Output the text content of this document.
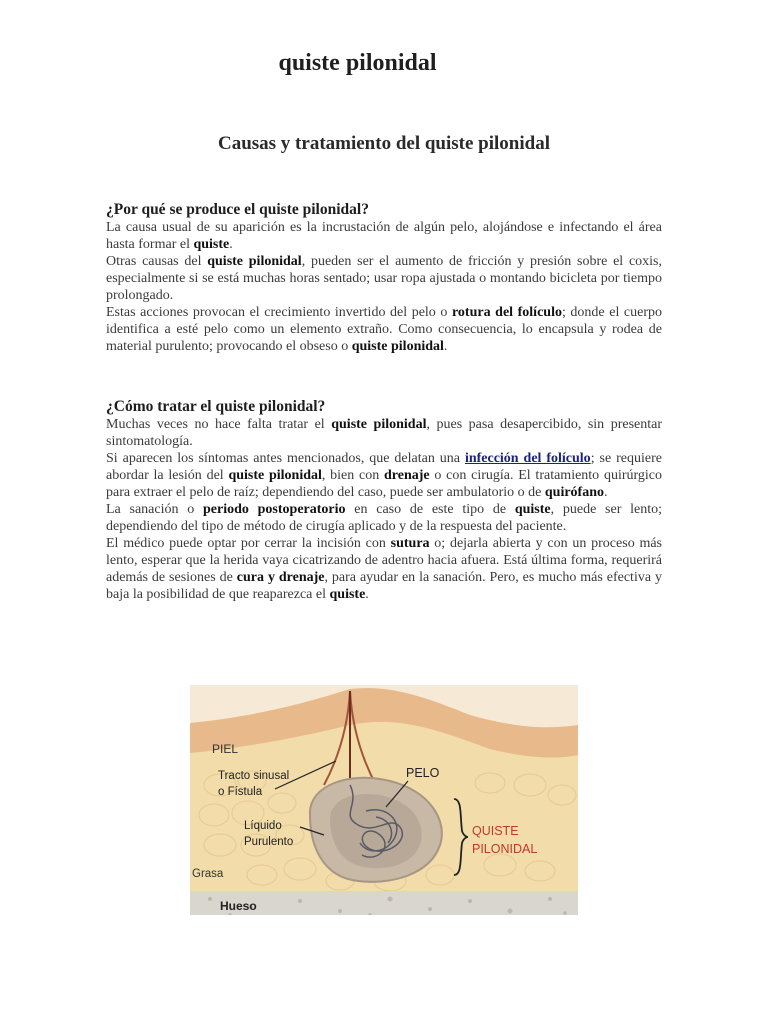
quiste pilonidal
Causas y tratamiento del quiste pilonidal
¿Por qué se produce el quiste pilonidal?

La causa usual de su aparición es la incrustación de algún pelo, alojándose e infectando el área hasta formar el quiste.

Otras causas del quiste pilonidal, pueden ser el aumento de fricción y presión sobre el coxis, especialmente si se está muchas horas sentado; usar ropa ajustada o montando bicicleta por tiempo prolongado.

Estas acciones provocan el crecimiento invertido del pelo o rotura del folículo; donde el cuerpo identifica a esté pelo como un elemento extraño. Como consecuencia, lo encapsula y rodea de material purulento; provocando el obseso o quiste pilonidal.

¿Cómo tratar el quiste pilonidal?

Muchas veces no hace falta tratar el quiste pilonidal, pues pasa desapercibido, sin presentar sintomatología.

Si aparecen los síntomas antes mencionados, que delatan una infección del folículo; se requiere abordar la lesión del quiste pilonidal, bien con drenaje o con cirugía. El tratamiento quirúrgico para extraer el pelo de raíz; dependiendo del caso, puede ser ambulatorio o de quirófano.

La sanación o periodo postoperatorio en caso de este tipo de quiste, puede ser lento; dependiendo del tipo de método de cirugía aplicado y de la respuesta del paciente.

El médico puede optar por cerrar la incisión con sutura o; dejarla abierta y con un proceso más lento, esperar que la herida vaya cicatrizando de adentro hacia afuera. Está última forma, requerirá además de sesiones de cura y drenaje, para ayudar en la sanación. Pero, es mucho más efectiva y baja la posibilidad de que reaparezca el quiste.

PIEL
Tracto sinusal
o Fístula
PELO
Líquido
Purulento
QUISTE
PILONIDAL
Grasa
Hueso
